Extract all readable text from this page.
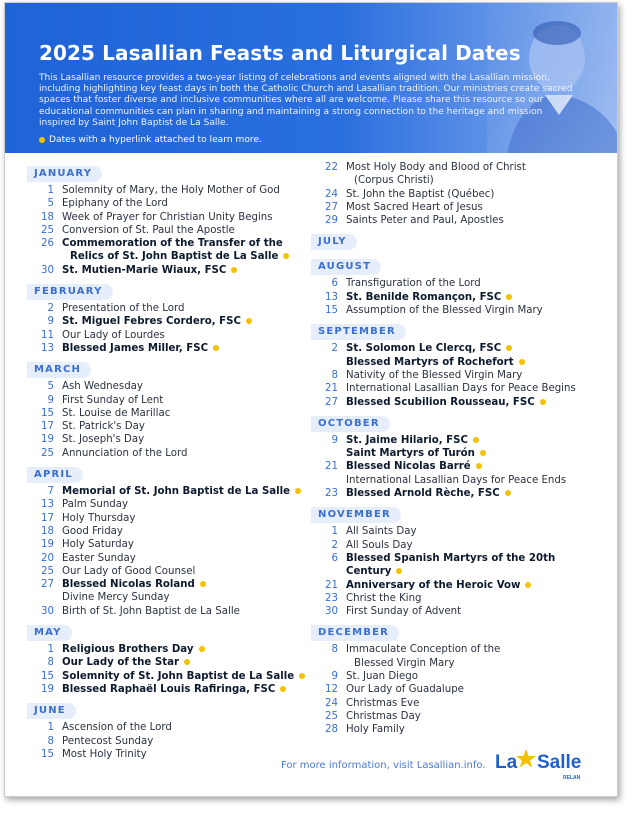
2025 Lasallian Feasts and Liturgical Dates

This Lasallian resource provides a two-year listing of celebrations and events aligned with the Lasallian mission, including highlighting key feast days in both the Catholic Church and Lasallian tradition. Our ministries create sacred spaces that foster diverse and inclusive communities where all are welcome. Please share this resource so our educational communities can plan in sharing and maintaining a strong connection to the heritage and mission inspired by Saint John Baptist de La Salle.

Dates with a hyperlink attached to learn more.
JANUARY
1 Solemnity of Mary, the Holy Mother of God
5 Epiphany of the Lord
18 Week of Prayer for Christian Unity Begins
25 Conversion of St. Paul the Apostle
26 Commemoration of the Transfer of the
Relics of St. John Baptist de La Salle
30 St. Mutien-Marie Wiaux, FSC
FEBRUARY
2 Presentation of the Lord
9 St. Miguel Febres Cordero, FSC
11 Our Lady of Lourdes
13 Blessed James Miller, FSC
MARCH
5 Ash Wednesday
9 First Sunday of Lent
15 St. Louise de Marillac
17 St. Patrick's Day
19 St. Joseph's Day
25 Annunciation of the Lord
APRIL
7 Memorial of St. John Baptist de La Salle
13 Palm Sunday
17 Holy Thursday
18 Good Friday
19 Holy Saturday
20 Easter Sunday
25 Our Lady of Good Counsel
27 Blessed Nicolas Roland
Divine Mercy Sunday
30 Birth of St. John Baptist de La Salle
MAY
1 Religious Brothers Day
8 Our Lady of the Star
15 Solemnity of St. John Baptist de La Salle
19 Blessed Raphaël Louis Rafiringa, FSC
JUNE
1 Ascension of the Lord
8 Pentecost Sunday
15 Most Holy Trinity
22 Most Holy Body and Blood of Christ
(Corpus Christi)
24 St. John the Baptist (Québec)
27 Most Sacred Heart of Jesus
29 Saints Peter and Paul, Apostles
JULY
AUGUST
6 Transfiguration of the Lord
13 St. Benilde Romançon, FSC
15 Assumption of the Blessed Virgin Mary
SEPTEMBER
2 St. Solomon Le Clercq, FSC
Blessed Martyrs of Rochefort
8 Nativity of the Blessed Virgin Mary
21 International Lasallian Days for Peace Begins
27 Blessed Scubilion Rousseau, FSC
OCTOBER
9 St. Jaime Hilario, FSC
Saint Martyrs of Turón
21 Blessed Nicolas Barré
International Lasallian Days for Peace Ends
23 Blessed Arnold Rèche, FSC
NOVEMBER
1 All Saints Day
2 All Souls Day
6 Blessed Spanish Martyrs of the 20th Century
21 Anniversary of the Heroic Vow
23 Christ the King
30 First Sunday of Advent
DECEMBER
8 Immaculate Conception of the
Blessed Virgin Mary
9 St. Juan Diego
12 Our Lady of Guadalupe
24 Christmas Eve
25 Christmas Day
28 Holy Family
For more information, visit Lasallian.info. La Salle
RELAN
